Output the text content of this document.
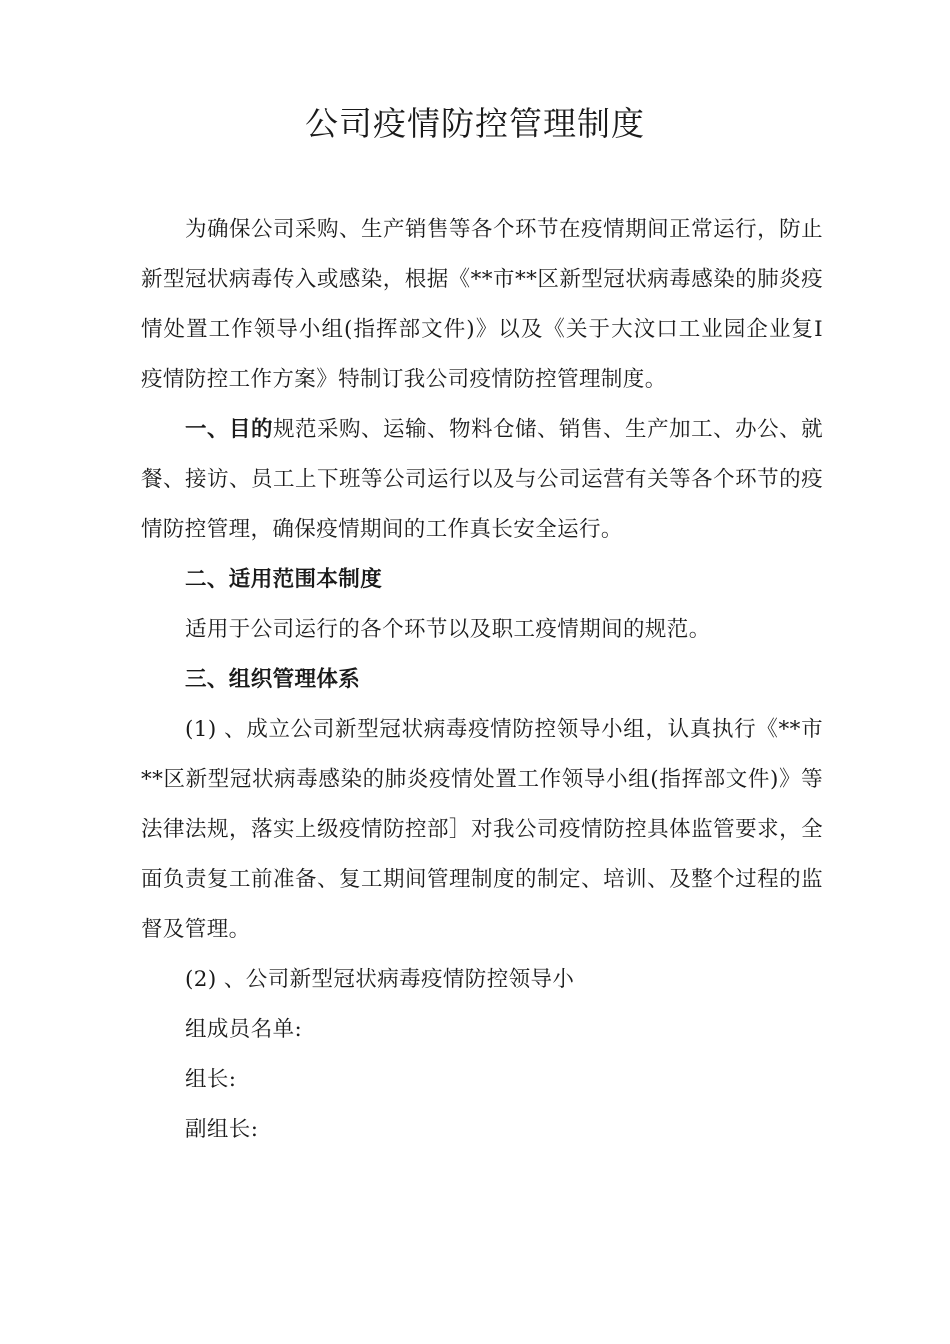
公司疫情防控管理制度

为确保公司采购、生产销售等各个环节在疫情期间正常运行，防止新型冠状病毒传入或感染，根据《**市**区新型冠状病毒感染的肺炎疫情处置工作领导小组(指挥部文件)》以及《关于大汶口工业园企业复I疫情防控工作方案》特制订我公司疫情防控管理制度。

一、目的规范采购、运输、物料仓储、销售、生产加工、办公、就餐、接访、员工上下班等公司运行以及与公司运营有关等各个环节的疫情防控管理，确保疫情期间的工作真长安全运行。

二、适用范围本制度

适用于公司运行的各个环节以及职工疫情期间的规范。

三、组织管理体系

(1) 、成立公司新型冠状病毒疫情防控领导小组，认真执行《**市**区新型冠状病毒感染的肺炎疫情处置工作领导小组(指挥部文件)》等法律法规，落实上级疫情防控部］对我公司疫情防控具体监管要求，全面负责复工前准备、复工期间管理制度的制定、培训、及整个过程的监督及管理。

(2) 、公司新型冠状病毒疫情防控领导小

组成员名单:

组长:

副组长:
